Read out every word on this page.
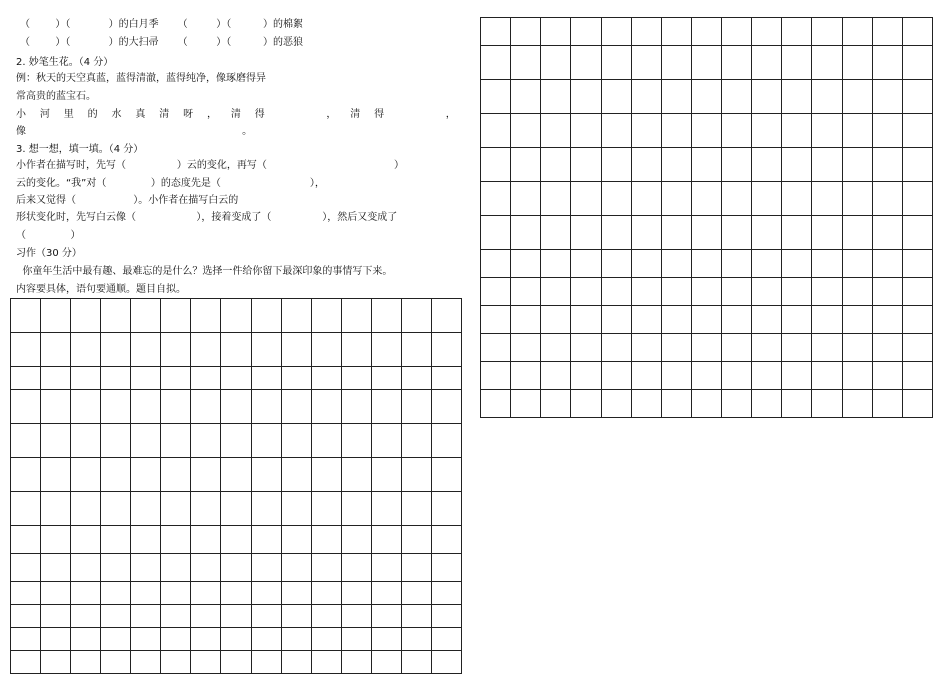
（        ）（            ）的白月季      （         ）（          ）的棉絮
（        ）（            ）的大扫帚      （         ）（          ）的恶狼
2. 妙笔生花。（4 分）
例：秋天的天空真蓝，蓝得清澈，蓝得纯净，像琢磨得异
常高贵的蓝宝石。
小 河 里 的 水 真 清 呀 ， 清 得

　	， 清 得

　	，
像                                                                    。
3. 想一想，填一填。（4 分）
小作者在描写时，先写（                ）云的变化，再写（                                        ）
云的变化。“我”对（              ）的态度先是（                            ），
后来又觉得（                  ）。小作者在描写白云的
形状变化时，先写白云像（                   ），接着变成了（                ），然后又变成了
（              ）
习作（30 分）
你童年生活中最有趣、最难忘的是什么？选择一件给你留下最深印象的事情写下来。
内容要具体，语句要通顺。题目自拟。
